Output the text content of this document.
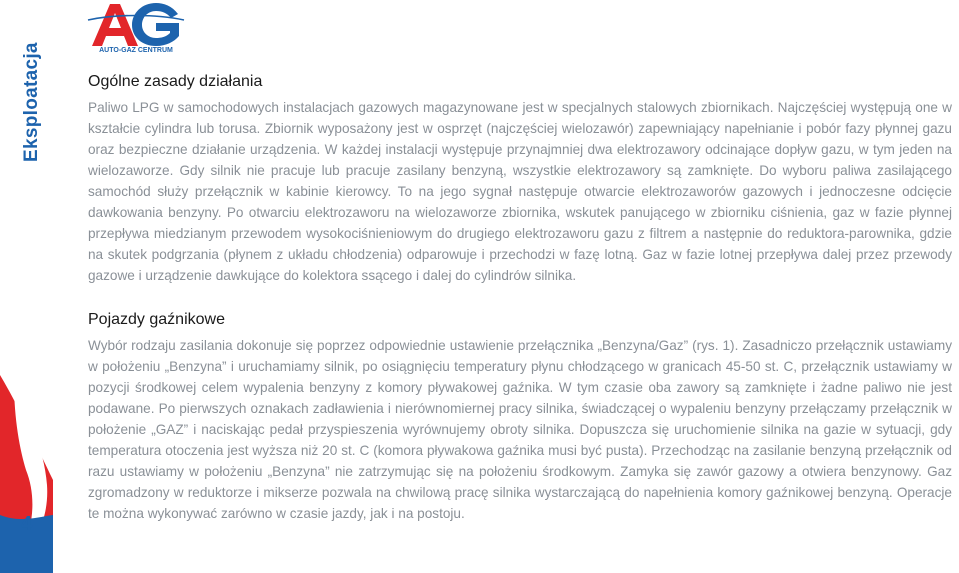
Eksploatacja
4
AUTO-GAZ CENTRUM
Ogólne zasady działania

Paliwo LPG w samochodowych instalacjach gazowych magazynowane jest w specjalnych stalowych zbiornikach. Najczęściej występują one w kształcie cylindra lub torusa. Zbiornik wyposażony jest w osprzęt (najczęściej wielozawór) zapewniający napełnianie i pobór fazy płynnej gazu oraz bezpieczne działanie urządzenia. W każdej instalacji występuje przynajmniej dwa elektrozawory odcinające dopływ gazu, w tym jeden na wielozaworze. Gdy silnik nie pracuje lub pracuje zasilany benzyną, wszystkie elektrozawory są zamknięte. Do wyboru paliwa zasilającego samochód służy przełącznik w kabinie kierowcy. To na jego sygnał następuje otwarcie elektrozaworów gazowych i jednoczesne odcięcie dawkowania benzyny. Po otwarciu elektrozaworu na wielozaworze zbiornika, wskutek panującego w zbiorniku ciśnienia, gaz w fazie płynnej przepływa miedzianym przewodem wysokociśnieniowym do drugiego elektrozaworu gazu z filtrem a następnie do reduktora-parownika, gdzie na skutek podgrzania (płynem z układu chłodzenia) odparowuje i przechodzi w fazę lotną. Gaz w fazie lotnej przepływa dalej przez przewody gazowe i urządzenie dawkujące do kolektora ssącego i dalej do cylindrów silnika.

Pojazdy gaźnikowe

Wybór rodzaju zasilania dokonuje się poprzez odpowiednie ustawienie przełącznika „Benzyna/Gaz” (rys. 1). Zasadniczo przełącznik ustawiamy w położeniu „Benzyna” i uruchamiamy silnik, po osiągnięciu temperatury płynu chłodzącego w granicach 45-50 st. C, przełącznik ustawiamy w pozycji środkowej celem wypalenia benzyny z komory pływakowej gaźnika. W tym czasie oba zawory są zamknięte i żadne paliwo nie jest podawane. Po pierwszych oznakach zadławienia i nierównomiernej pracy silnika, świadczącej o wypaleniu benzyny przełączamy przełącznik w położenie „GAZ” i naciskając pedał przyspieszenia wyrównujemy obroty silnika. Dopuszcza się uruchomienie silnika na gazie w sytuacji, gdy temperatura otoczenia jest wyższa niż 20 st. C (komora pływakowa gaźnika musi być pusta). Przechodząc na zasilanie benzyną przełącznik od razu ustawiamy w położeniu „Benzyna” nie zatrzymując się na położeniu środkowym. Zamyka się zawór gazowy a otwiera benzynowy. Gaz zgromadzony w reduktorze i mikserze pozwala na chwilową pracę silnika wystarczającą do napełnienia komory gaźnikowej benzyną. Operacje te można wykonywać zarówno w czasie jazdy, jak i na postoju.
